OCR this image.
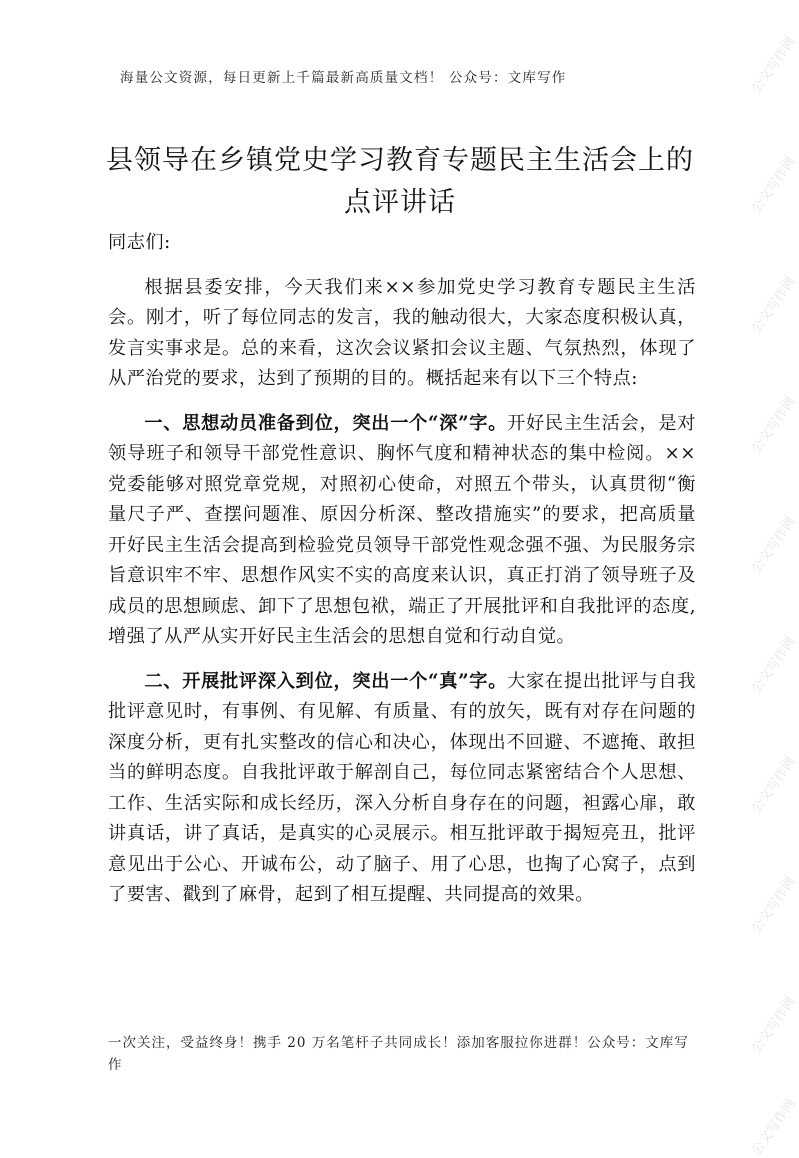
公文写作网
公文写作网
公文写作网
公文写作网
公文写作网
公文写作网
公文写作网
公文写作网
公文写作网
公文写作网
海量公文资源，每日更新上千篇最新高质量文档！ 公众号：文库写作
县领导在乡镇党史学习教育专题民主生活会上的点评讲话

同志们:

根据县委安排，今天我们来××参加党史学习教育专题民主生活会。刚才，听了每位同志的发言，我的触动很大，大家态度积极认真，发言实事求是。总的来看，这次会议紧扣会议主题、气氛热烈，体现了从严治党的要求，达到了预期的目的。概括起来有以下三个特点:

一、思想动员准备到位，突出一个“深”字。开好民主生活会，是对领导班子和领导干部党性意识、胸怀气度和精神状态的集中检阅。××党委能够对照党章党规，对照初心使命，对照五个带头，认真贯彻“衡量尺子严、查摆问题准、原因分析深、整改措施实”的要求，把高质量开好民主生活会提高到检验党员领导干部党性观念强不强、为民服务宗旨意识牢不牢、思想作风实不实的高度来认识，真正打消了领导班子及成员的思想顾虑、卸下了思想包袱，端正了开展批评和自我批评的态度,增强了从严从实开好民主生活会的思想自觉和行动自觉。

二、开展批评深入到位，突出一个“真”字。大家在提出批评与自我批评意见时，有事例、有见解、有质量、有的放矢，既有对存在问题的深度分析，更有扎实整改的信心和决心，体现出不回避、不遮掩、敢担当的鲜明态度。自我批评敢于解剖自己，每位同志紧密结合个人思想、工作、生活实际和成长经历，深入分析自身存在的问题，袒露心扉，敢讲真话，讲了真话，是真实的心灵展示。相互批评敢于揭短亮丑，批评意见出于公心、开诚布公，动了脑子、用了心思，也掏了心窝子，点到了要害、戳到了麻骨，起到了相互提醒、共同提高的效果。

一次关注，受益终身！携手 20 万名笔杆子共同成长！添加客服拉你进群！公众号：文库写作
